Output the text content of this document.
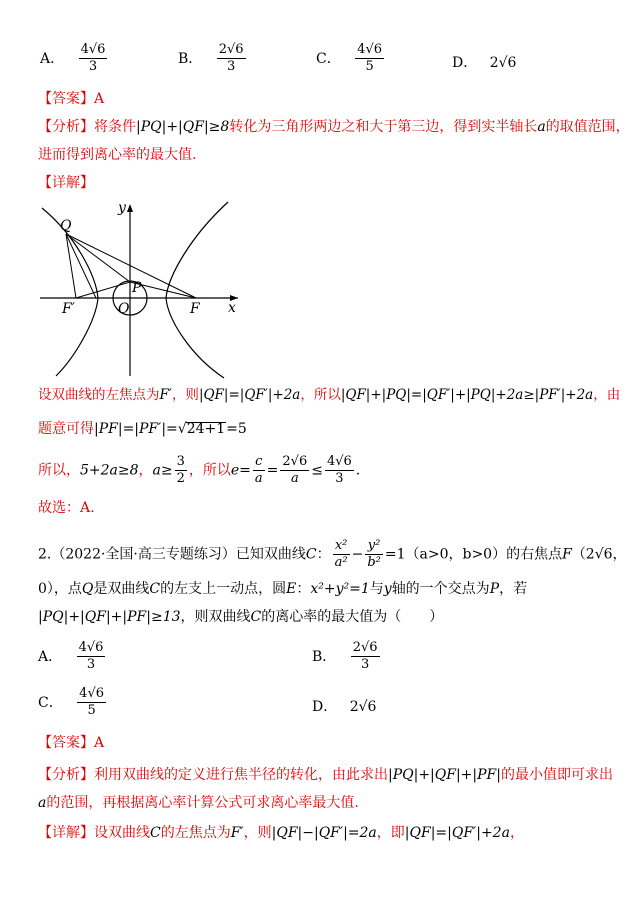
A． $\frac{4√6}{3}$	B． $\frac{2√6}{3}$	C． $\frac{4√6}{5}$	D． 2√6
【答案】A
【分析】将条件|PQ|+|QF|≥8转化为三角形两边之和大于第三边，得到实半轴长a的取值范围，
进而得到离心率的最大值.
【详解】
y
x
Q
P
O	F
F′
设双曲线的左焦点为F′，则|QF|=|QF′|+2a，所以|QF|+|PQ|=|QF′|+|PQ|+2a≥|PF′|+2a，由
题意可得|PF|=|PF′|=√24+1=5
所以，5+2a≥8，$a\ge \frac{3}{2}$ ，所以$e= \frac{c}{a} = \frac{2√6}{a} \le \frac{4√6}{3}$ .
故选：A.
2.（2022·全国·高三专题练习）已知双曲线C： $\frac{\text{x²}}{\text{a²}} - \frac{\text{y²}}{\text{b²}} =1(a>0$，b>0）的右焦点F（2√6，
0），点Q是双曲线C的左支上一动点，圆E：x²+y²=1与y轴的一个交点为P，若
|PQ|+|QF|+|PF|≥13，则双曲线C的离心率的最大值为（　　）
A． $\frac{4√6}{3}$	B． $\frac{2√6}{3}$
C． $\frac{4√6}{5}$	D． 2√6
【答案】A
【分析】利用双曲线的定义进行焦半径的转化，由此求出|PQ|+|QF|+|PF|的最小值即可求出
a的范围，再根据离心率计算公式可求离心率最大值.
【详解】设双曲线C的左焦点为F′，则|QF|−|QF′|=2a，即|QF|=|QF′|+2a，
